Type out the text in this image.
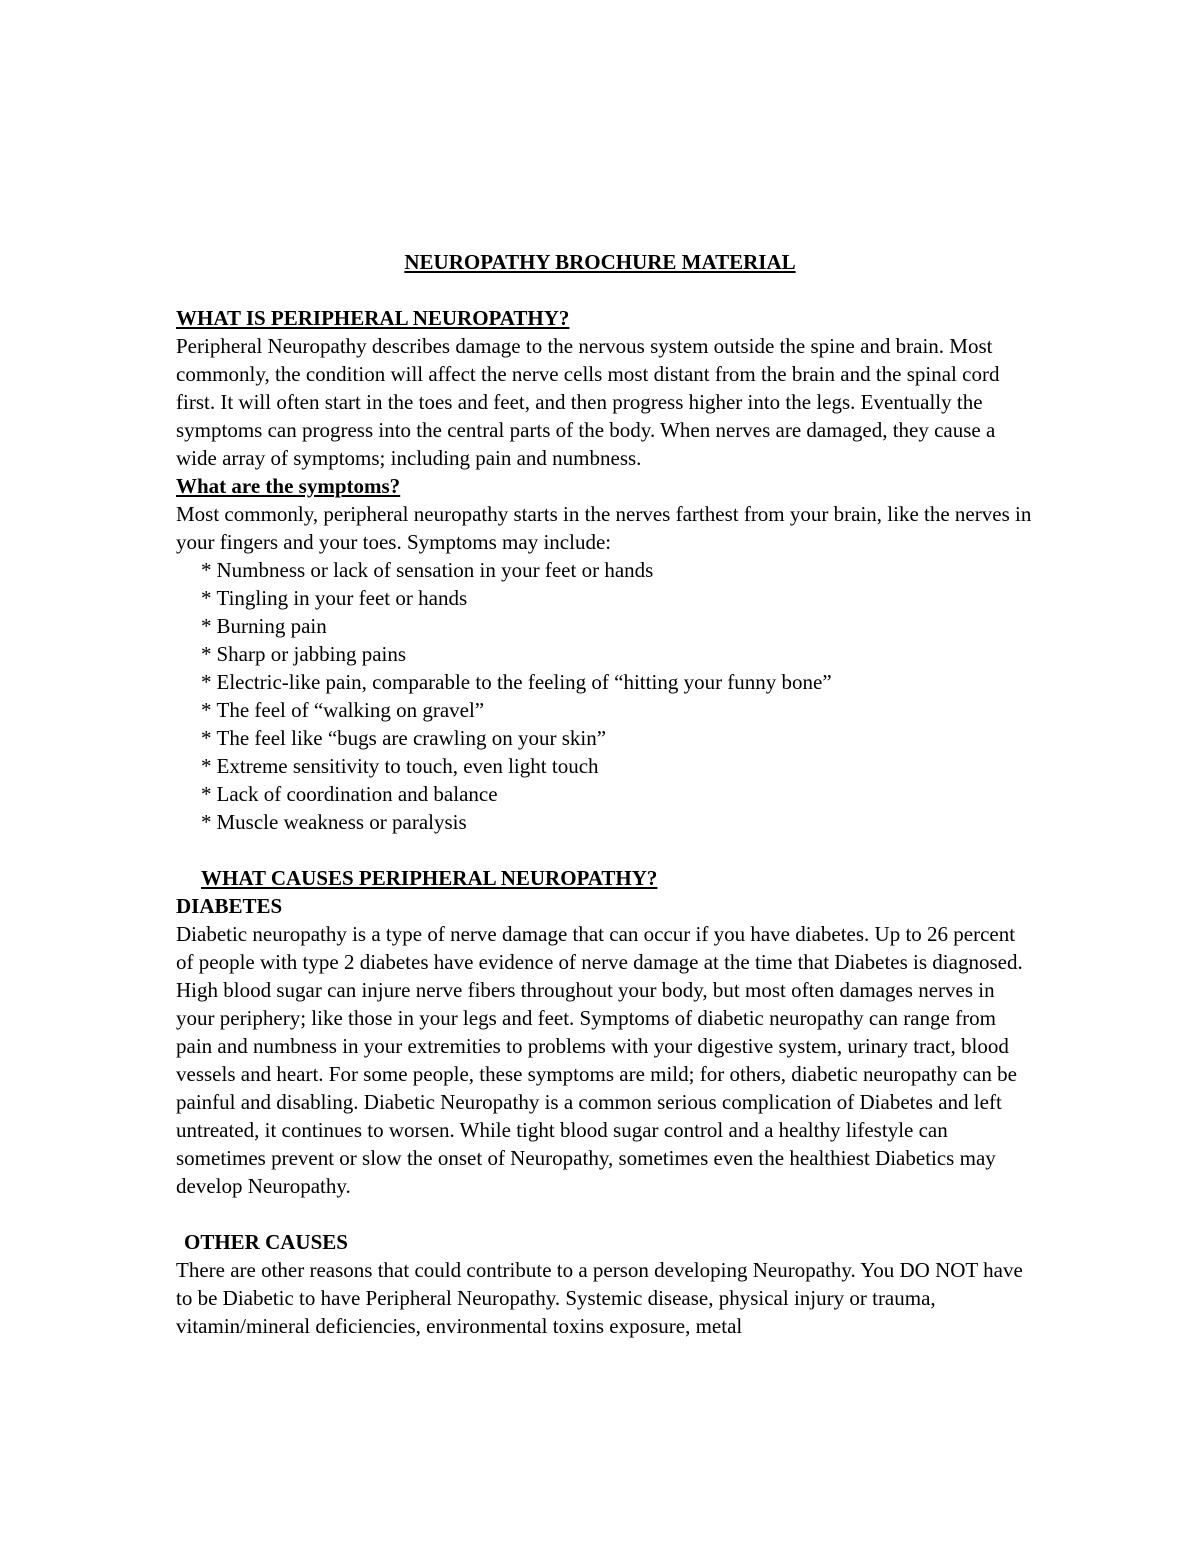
NEUROPATHY BROCHURE MATERIAL

WHAT IS PERIPHERAL NEUROPATHY?

Peripheral Neuropathy describes damage to the nervous system outside the spine and brain. Most commonly, the condition will affect the nerve cells most distant from the brain and the spinal cord first. It will often start in the toes and feet, and then progress higher into the legs. Eventually the symptoms can progress into the central parts of the body. When nerves are damaged, they cause a wide array of symptoms; including pain and numbness.

What are the symptoms?

Most commonly, peripheral neuropathy starts in the nerves farthest from your brain, like the nerves in your fingers and your toes. Symptoms may include:

* Numbness or lack of sensation in your feet or hands
* Tingling in your feet or hands
* Burning pain
* Sharp or jabbing pains
* Electric-like pain, comparable to the feeling of “hitting your funny bone”
* The feel of “walking on gravel”
* The feel like “bugs are crawling on your skin”
* Extreme sensitivity to touch, even light touch
* Lack of coordination and balance
* Muscle weakness or paralysis

WHAT CAUSES PERIPHERAL NEUROPATHY?

DIABETES

Diabetic neuropathy is a type of nerve damage that can occur if you have diabetes. Up to 26 percent of people with type 2 diabetes have evidence of nerve damage at the time that Diabetes is diagnosed. High blood sugar can injure nerve fibers throughout your body, but most often damages nerves in your periphery; like those in your legs and feet. Symptoms of diabetic neuropathy can range from pain and numbness in your extremities to problems with your digestive system, urinary tract, blood vessels and heart. For some people, these symptoms are mild; for others, diabetic neuropathy can be painful and disabling. Diabetic Neuropathy is a common serious complication of Diabetes and left untreated, it continues to worsen. While tight blood sugar control and a healthy lifestyle can sometimes prevent or slow the onset of Neuropathy, sometimes even the healthiest Diabetics may develop Neuropathy.

OTHER CAUSES

There are other reasons that could contribute to a person developing Neuropathy. You DO NOT have to be Diabetic to have Peripheral Neuropathy. Systemic disease, physical injury or trauma, vitamin/mineral deficiencies, environmental toxins exposure, metal
